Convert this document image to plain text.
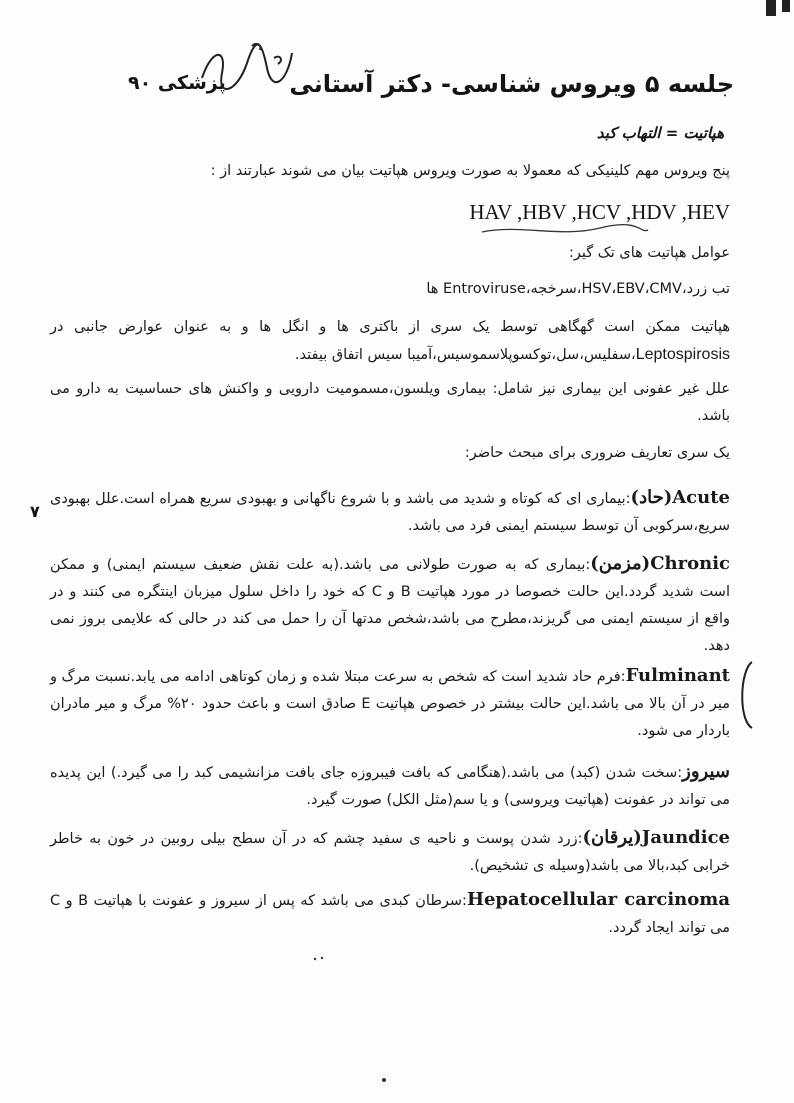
پزشکی ۹۰	جلسه ۵ ویروس شناسی- دکتر آستانی
هپاتیت = التهاب کبد
پنج ویروس مهم کلینیکی که معمولا به صورت ویروس هپاتیت بیان می شوند عبارتند از :
HAV ,HBV ,HCV ,HDV ,HEV
عوامل هپاتیت های تک گیر:
تب زرد،HSV،EBV،CMV،سرخجه،Entroviruse ها
هپاتیت ممکن است گهگاهی توسط یک سری از باکتری ها و انگل ها و به عنوان عوارض جانبی در Leptospirosis،سفلیس،سل،توکسوپلاسموسیس،آمیبا سیس اتفاق بیفتد.
علل غیر عفونی این بیماری نیز شامل: بیماری ویلسون،مسمومیت دارویی و واکنش های حساسیت به دارو می باشد.
یک سری تعاریف ضروری برای مبحث حاضر:
Acute(حاد):بیماری ای که کوتاه و شدید می باشد و با شروع ناگهانی و بهبودی سریع همراه است.علل بهبودی سریع،سرکوبی آن توسط سیستم ایمنی فرد می باشد.
٧
Chronic(مزمن):بیماری که به صورت طولانی می باشد.(به علت نقش ضعیف سیستم ایمنی) و ممکن است شدید گردد.این حالت خصوصا در مورد هپاتیت B و C که خود را داخل سلول میزبان اینتگره می کنند و در واقع از سیستم ایمنی می گریزند،مطرح می باشد،شخص مدتها آن را حمل می کند در حالی که علایمی بروز نمی دهد.
Fulminant:فرم حاد شدید است که شخص به سرعت مبتلا شده و زمان کوتاهی ادامه می یابد.نسبت مرگ و میر در آن بالا می باشد.این حالت بیشتر در خصوص هپاتیت E صادق است و باعث حدود ۲۰% مرگ و میر مادران باردار می شود.
سیروز:سخت شدن (کبد) می باشد.(هنگامی که بافت فیبروزه جای بافت مزانشیمی کبد را می گیرد.) این پدیده می تواند در عفونت (هپاتیت ویروسی) و یا سم(مثل الکل) صورت گیرد.
Jaundice(یرقان):زرد شدن پوست و ناحیه ی سفید چشم که در آن سطح بیلی روبین در خون به خاطر خرابی کبد،بالا می باشد(وسیله ی تشخیص).
Hepatocellular carcinoma:سرطان کبدی می باشد که پس از سیروز و عفونت با هپاتیت B و C می تواند ایجاد گردد.
